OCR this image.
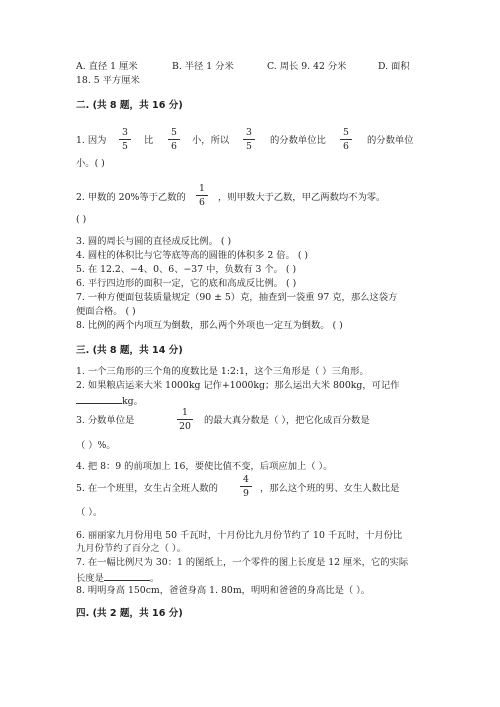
A. 直径 1 厘米	B. 半径 1 分米	C. 周长 9. 42 分米	D. 面积
18. 5 平方厘米
二. (共 8 题，共 16 分)
1. 因为
3
5
比
5
6
小，所以
3
5
的分数单位比
5
6
的分数单位
小。( )
2. 甲数的 20%等于乙数的
1
6	，则甲数大于乙数，甲乙两数均不为零。
( )
3. 圆的周长与圆的直径成反比例。 ( )
4. 圆柱的体积比与它等底等高的圆锥的体积多 2 倍。 ( )
5. 在 12.2、−4、0、6、−37 中，负数有 3 个。 ( )
6. 平行四边形的面积一定，它的底和高成反比例。 ( )
7. 一种方便面包装质量规定（90 ± 5）克，抽查到一袋重 97 克，那么这袋方
便面合格。 ( )
8. 比例的两个内项互为倒数，那么两个外项也一定互为倒数。 ( )
三. (共 8 题，共 14 分)
1. 一个三角形的三个角的度数比是 1:2:1，这个三角形是（ ）三角形。
2. 如果粮店运来大米 1000kg 记作+1000kg；那么运出大米 800kg，可记作
kg。
3. 分数单位是
1
20
的最大真分数是（ ），把它化成百分数是
（ ）%。
4. 把 8：9 的前项加上 16，要使比值不变，后项应加上（ ）。
5. 在一个班里，女生占全班人数的
4
9	，那么这个班的男、女生人数比是
（ ）。
6. 丽丽家九月份用电 50 千瓦时，十月份比九月份节约了 10 千瓦时，十月份比
九月份节约了百分之（ ）。
7. 在一幅比例尺为 30：1 的图纸上，一个零件的图上长度是 12 厘米，它的实际
长度是	。
8. 明明身高 150cm，爸爸身高 1. 80m，明明和爸爸的身高比是（ ）。
四. (共 2 题，共 16 分)
